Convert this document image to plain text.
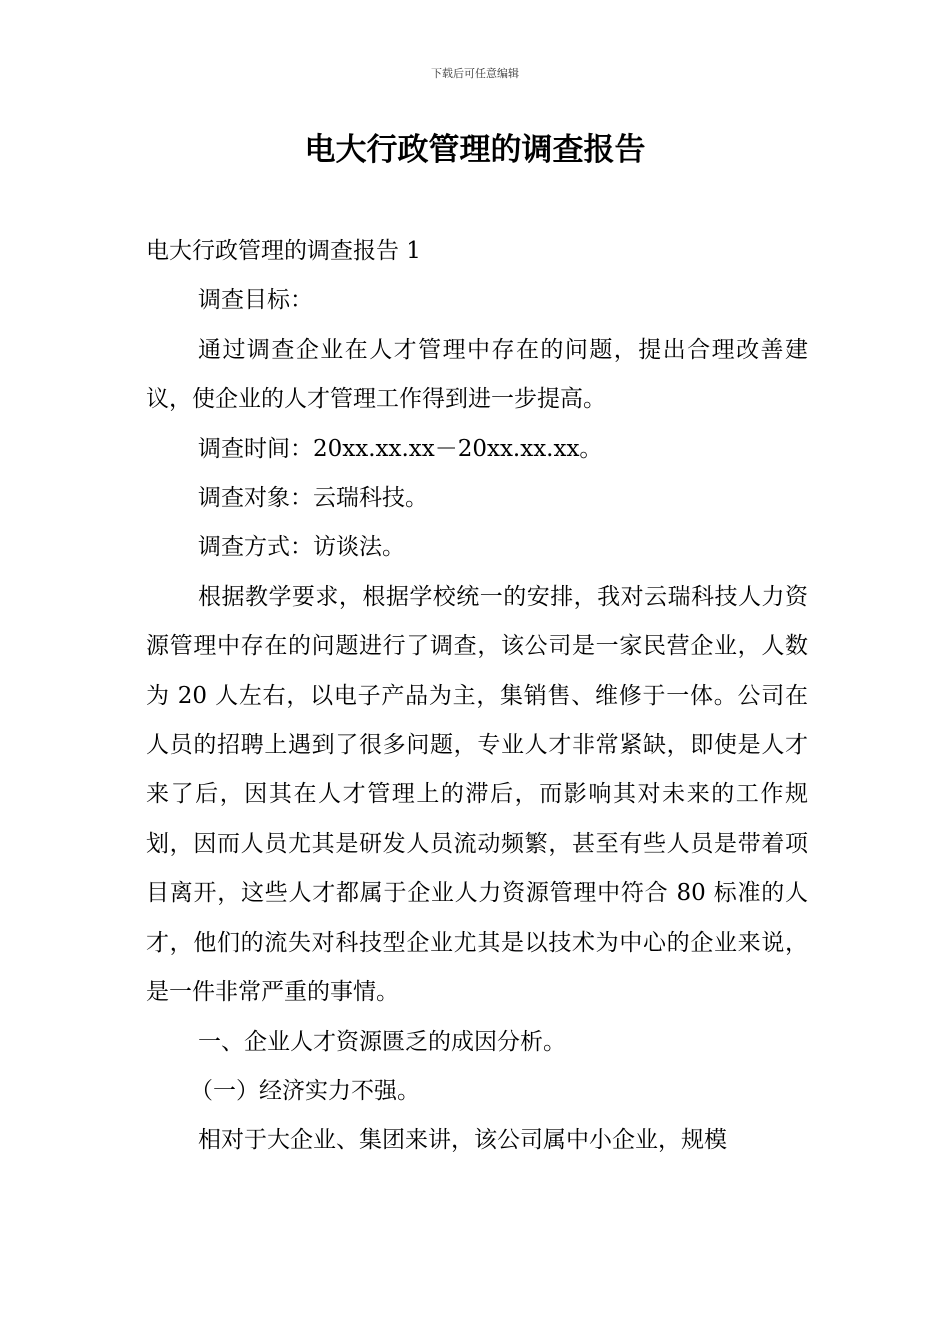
下载后可任意编辑
电大行政管理的调查报告

电大行政管理的调查报告 1

调查目标：

通过调查企业在人才管理中存在的问题，提出合理改善建议，使企业的人才管理工作得到进一步提高。

调查时间：20xx.xx.xx－20xx.xx.xx。

调查对象：云瑞科技。

调查方式：访谈法。

根据教学要求，根据学校统一的安排，我对云瑞科技人力资源管理中存在的问题进行了调查，该公司是一家民营企业，人数为 20 人左右，以电子产品为主，集销售、维修于一体。公司在人员的招聘上遇到了很多问题，专业人才非常紧缺，即使是人才来了后，因其在人才管理上的滞后，而影响其对未来的工作规划，因而人员尤其是研发人员流动频繁，甚至有些人员是带着项目离开，这些人才都属于企业人力资源管理中符合 80 标准的人才，他们的流失对科技型企业尤其是以技术为中心的企业来说，是一件非常严重的事情。

一、企业人才资源匮乏的成因分析。

（一）经济实力不强。

相对于大企业、集团来讲，该公司属中小企业，规模
